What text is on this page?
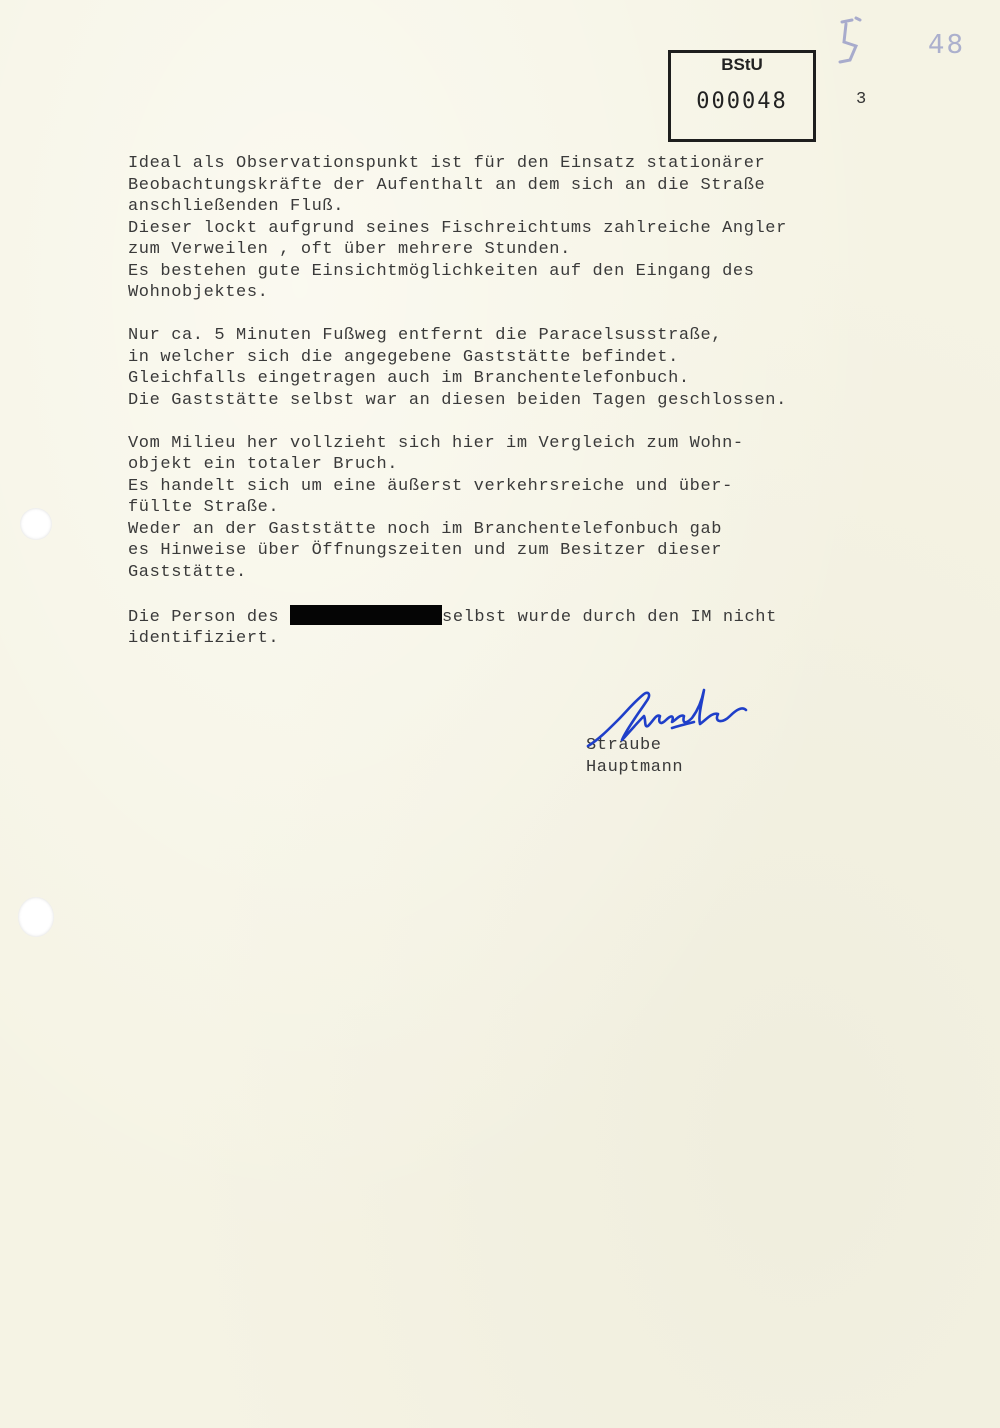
48
BStU
000048	3
Ideal als Observationspunkt ist für den Einsatz stationärer
Beobachtungskräfte der Aufenthalt an dem sich an die Straße
anschließenden Fluß.
Dieser lockt aufgrund seines Fischreichtums zahlreiche Angler
zum Verweilen , oft über mehrere Stunden.
Es bestehen gute Einsichtmöglichkeiten auf den Eingang des
Wohnobjektes.
Nur ca. 5 Minuten Fußweg entfernt die Paracelsusstraße,
in welcher sich die angegebene Gaststätte befindet.
Gleichfalls eingetragen auch im Branchentelefonbuch.
Die Gaststätte selbst war an diesen beiden Tagen geschlossen.
Vom Milieu her vollzieht sich hier im Vergleich zum Wohn-
objekt ein totaler Bruch.
Es handelt sich um eine äußerst verkehrsreiche und über-
füllte Straße.
Weder an der Gaststätte noch im Branchentelefonbuch gab
es Hinweise über Öffnungszeiten und zum Besitzer dieser
Gaststätte.
Die Person des	selbst wurde durch den IM nicht
identifiziert.
Straube
Hauptmann
